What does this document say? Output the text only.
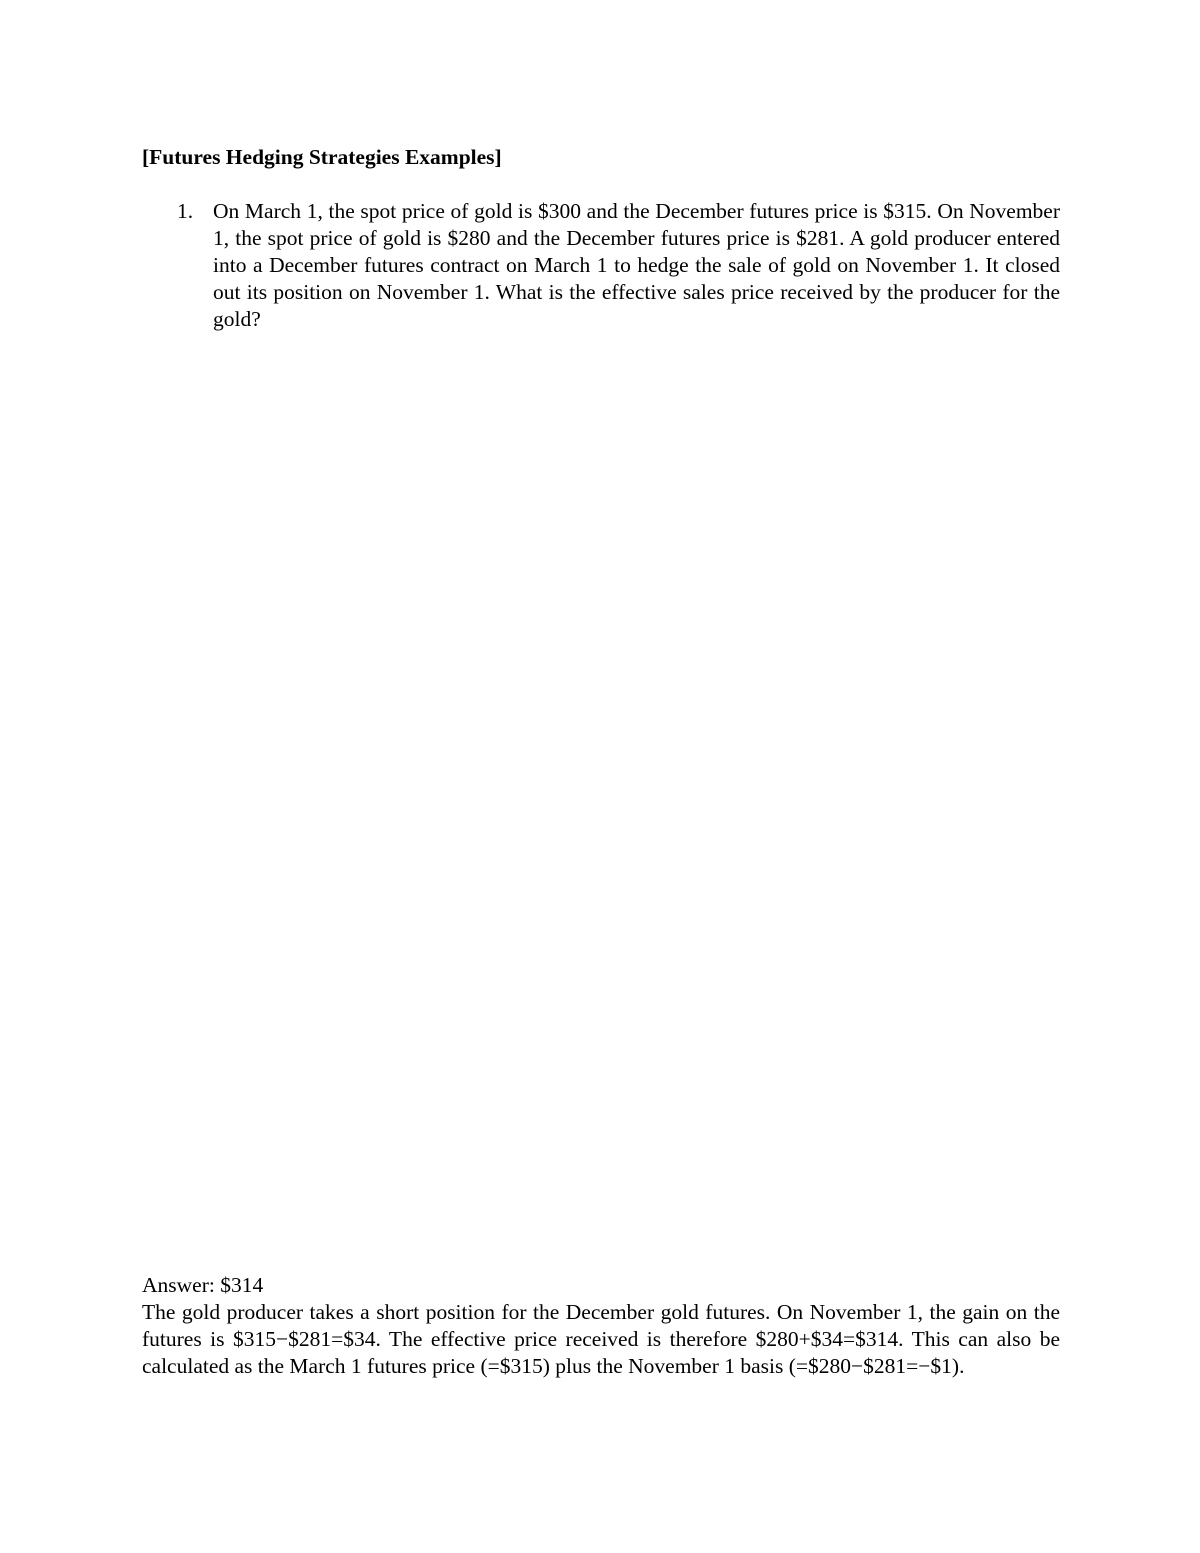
[Futures Hedging Strategies Examples]
1. On March 1, the spot price of gold is $300 and the December futures price is $315. On November 1, the spot price of gold is $280 and the December futures price is $281. A gold producer entered into a December futures contract on March 1 to hedge the sale of gold on November 1. It closed out its position on November 1. What is the effective sales price received by the producer for the gold?
Answer: $314
The gold producer takes a short position for the December gold futures. On November 1, the gain on the futures is $315−$281=$34. The effective price received is therefore $280+$34=$314. This can also be calculated as the March 1 futures price (=$315) plus the November 1 basis (=$280−$281=−$1).
